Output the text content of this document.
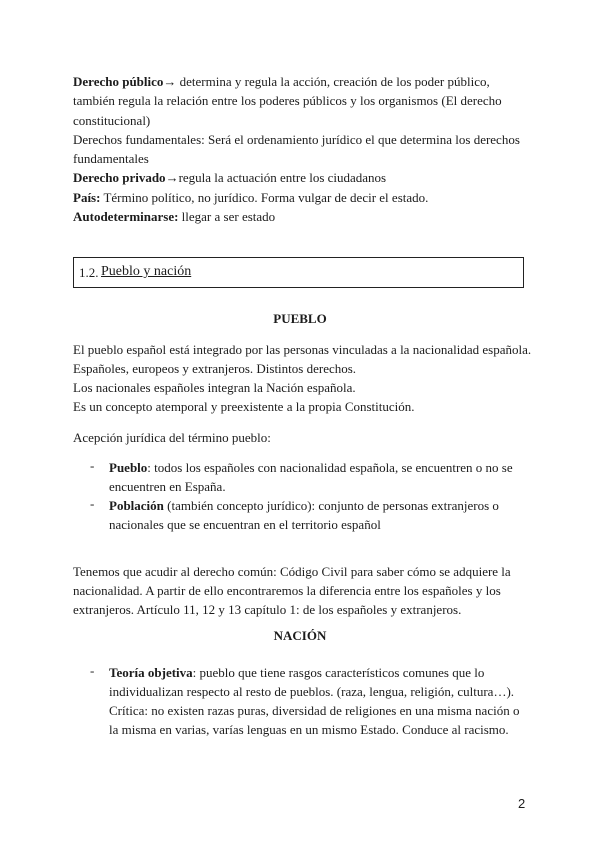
Derecho público→ determina y regula la acción, creación de los poder público, también regula la relación entre los poderes públicos y los organismos (El derecho constitucional)

Derechos fundamentales: Será el ordenamiento jurídico el que determina los derechos fundamentales

Derecho privado→regula la actuación entre los ciudadanos

País: Término político, no jurídico. Forma vulgar de decir el estado.

Autodeterminarse: llegar a ser estado

1.2. Pueblo y nación
PUEBLO

El pueblo español está integrado por las personas vinculadas a la nacionalidad española. Españoles, europeos y extranjeros. Distintos derechos.

Los nacionales españoles integran la Nación española.

Es un concepto atemporal y preexistente a la propia Constitución.

Acepción jurídica del término pueblo:

- Pueblo: todos los españoles con nacionalidad española, se encuentren o no se encuentren en España.

- Población (también concepto jurídico): conjunto de personas extranjeros o nacionales que se encuentran en el territorio español

Tenemos que acudir al derecho común: Código Civil para saber cómo se adquiere la nacionalidad. A partir de ello encontraremos la diferencia entre los españoles y los extranjeros. Artículo 11, 12 y 13 capítulo 1: de los españoles y extranjeros.

NACIÓN
- Teoría objetiva: pueblo que tiene rasgos característicos comunes que lo individualizan respecto al resto de pueblos. (raza, lengua, religión, cultura…).

Crítica: no existen razas puras, diversidad de religiones en una misma nación o la misma en varias, varías lenguas en un mismo Estado. Conduce al racismo.

2
